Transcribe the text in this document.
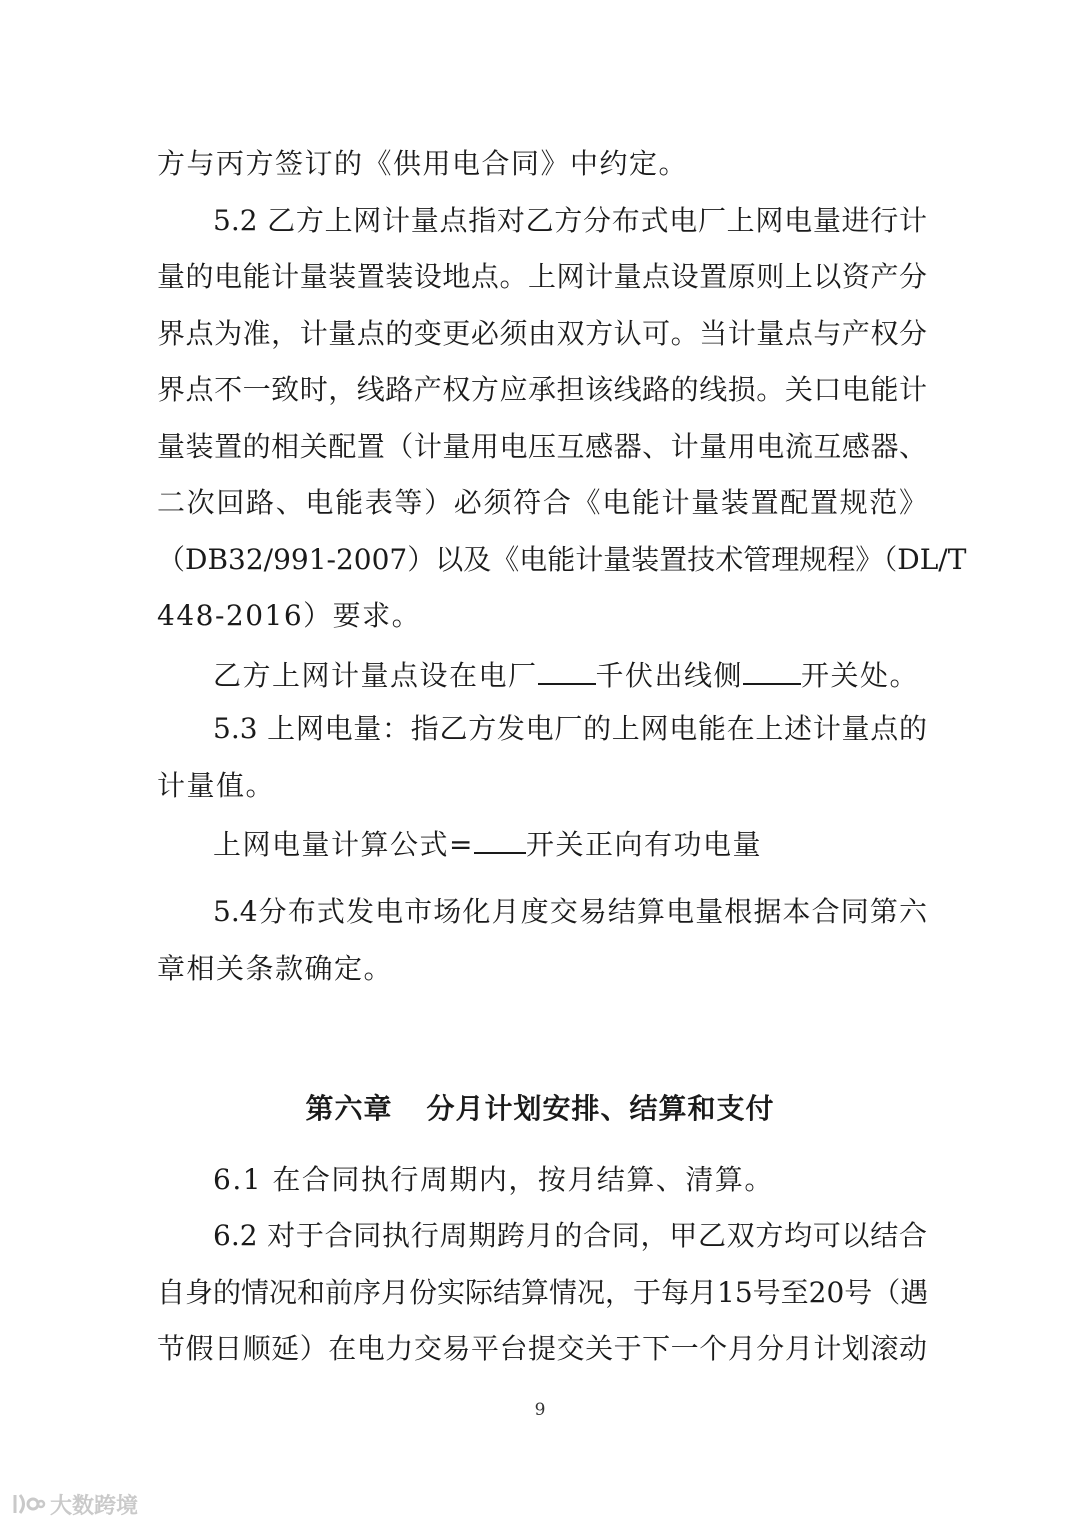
方与丙方签订的《供用电合同》中约定。
5.2 乙方上网计量点指对乙方分布式电厂上网电量进行计
量的电能计量装置装设地点。上网计量点设置原则上以资产分
界点为准，计量点的变更必须由双方认可。当计量点与产权分
界点不一致时，线路产权方应承担该线路的线损。关口电能计
量装置的相关配置（计量用电压互感器、计量用电流互感器、
二次回路、电能表等）必须符合《电能计量装置配置规范》
（DB32/991-2007）以及《电能计量装置技术管理规程》（DL/T
448-2016）要求。
乙方上网计量点设在电厂 千伏出线侧 开关处。
5.3 上网电量：指乙方发电厂的上网电能在上述计量点的
计量值。
上网电量计算公式= 开关正向有功电量
5.4分布式发电市场化月度交易结算电量根据本合同第六
章相关条款确定。
第六章 分月计划安排、结算和支付
6.1 在合同执行周期内，按月结算、清算。
6.2 对于合同执行周期跨月的合同，甲乙双方均可以结合
自身的情况和前序月份实际结算情况，于每月15号至20号（遇
节假日顺延）在电力交易平台提交关于下一个月分月计划滚动
9
大数跨境
